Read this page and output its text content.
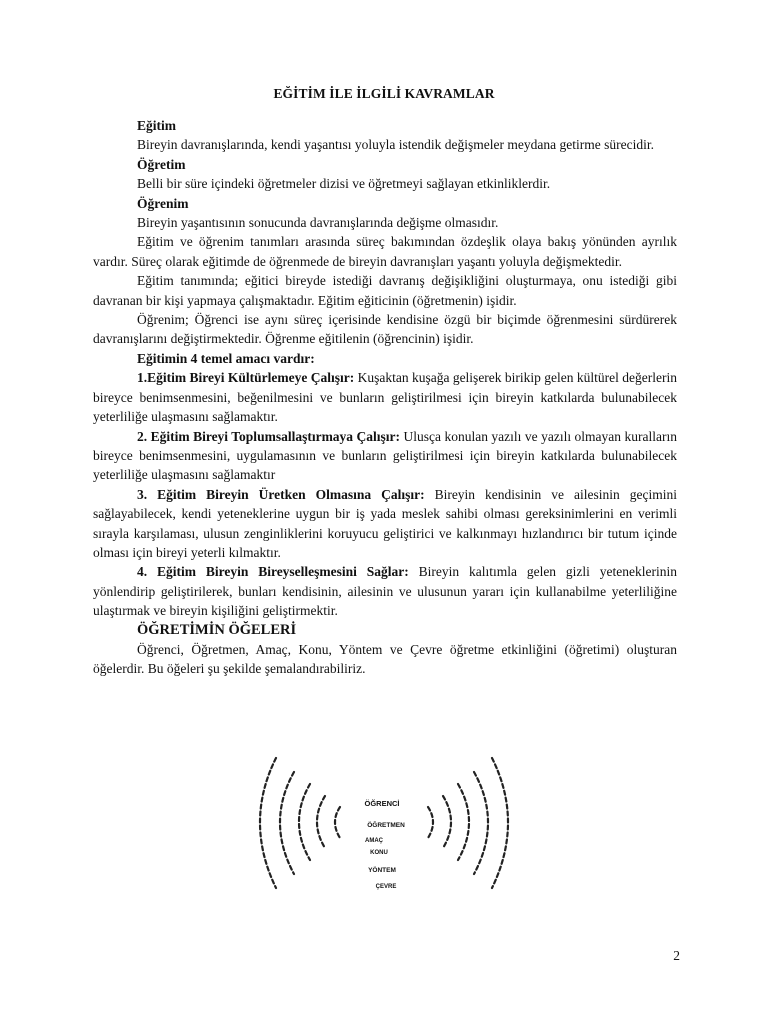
EĞİTİM İLE İLGİLİ KAVRAMLAR

Eğitim

Bireyin davranışlarında, kendi yaşantısı yoluyla istendik değişmeler meydana getirme sürecidir.

Öğretim

Belli bir süre içindeki öğretmeler dizisi ve öğretmeyi sağlayan etkinliklerdir.

Öğrenim

Bireyin yaşantısının sonucunda davranışlarında değişme olmasıdır.

Eğitim ve öğrenim tanımları arasında süreç bakımından özdeşlik olaya bakış yönünden ayrılık vardır. Süreç olarak eğitimde de öğrenmede de bireyin davranışları yaşantı yoluyla değişmektedir.

Eğitim tanımında; eğitici bireyde istediği davranış değişikliğini oluşturmaya, onu istediği gibi davranan bir kişi yapmaya çalışmaktadır. Eğitim eğiticinin (öğretmenin) işidir.

Öğrenim; Öğrenci ise aynı süreç içerisinde kendisine özgü bir biçimde öğrenmesini sürdürerek davranışlarını değiştirmektedir. Öğrenme eğitilenin (öğrencinin) işidir.

Eğitimin 4 temel amacı vardır:

1.Eğitim Bireyi Kültürlemeye Çalışır: Kuşaktan kuşağa gelişerek birikip gelen kültürel değerlerin bireyce benimsenmesini, beğenilmesini ve bunların geliştirilmesi için bireyin katkılarda bulunabilecek yeterliliğe ulaşmasını sağlamaktır.

2. Eğitim Bireyi Toplumsallaştırmaya Çalışır: Ulusça konulan yazılı ve yazılı olmayan kuralların bireyce benimsenmesini, uygulamasının ve bunların geliştirilmesi için bireyin katkılarda bulunabilecek yeterliliğe ulaşmasını sağlamaktır

3. Eğitim Bireyin Üretken Olmasına Çalışır: Bireyin kendisinin ve ailesinin geçimini sağlayabilecek, kendi yeteneklerine uygun bir iş yada meslek sahibi olması gereksinimlerini en verimli sırayla karşılaması, ulusun zenginliklerini koruyucu geliştirici ve kalkınmayı hızlandırıcı bir tutum içinde olması için bireyi yeterli kılmaktır.

4. Eğitim Bireyin Bireyselleşmesini Sağlar: Bireyin kalıtımla gelen gizli yeteneklerinin yönlendirip geliştirilerek, bunları kendisinin, ailesinin ve ulusunun yararı için kullanabilme yeterliliğine ulaştırmak ve bireyin kişiliğini geliştirmektir.

ÖĞRETİMİN ÖĞELERİ

Öğrenci, Öğretmen, Amaç, Konu, Yöntem ve Çevre öğretme etkinliğini (öğretimi) oluşturan öğelerdir. Bu öğeleri şu şekilde şemalandırabiliriz.

ÖĞRENCİ
ÖĞRETMEN
AMAÇ
KONU
YÖNTEM
ÇEVRE
2
